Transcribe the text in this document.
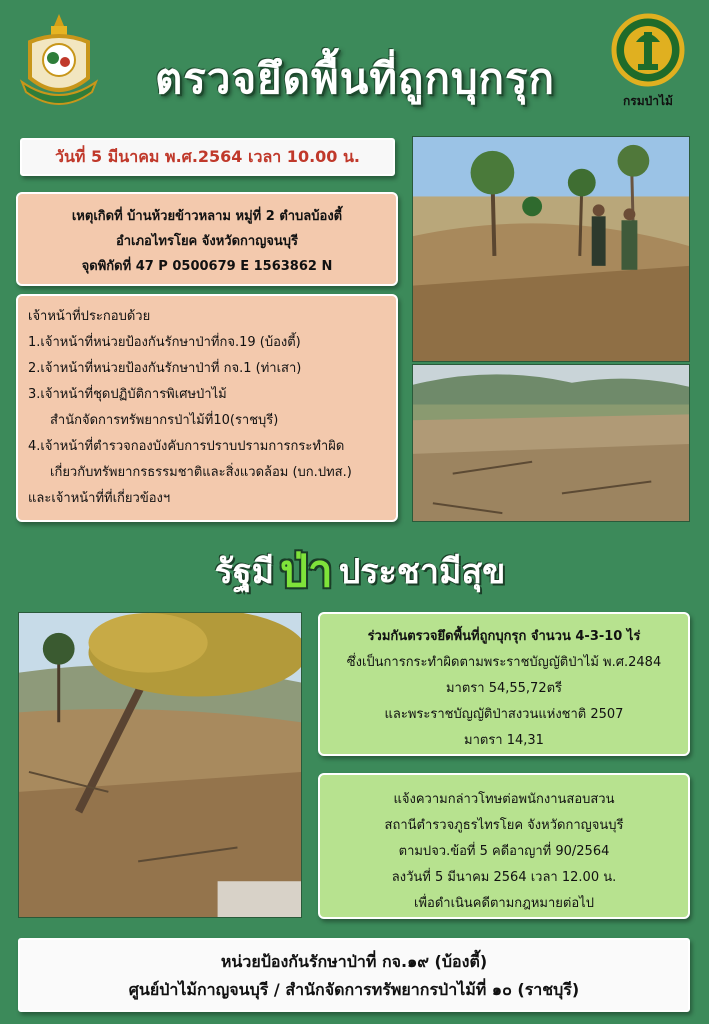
กรมป่าไม้
ตรวจยึดพื้นที่ถูกบุกรุก
วันที่ 5 มีนาคม พ.ศ.2564 เวลา 10.00 น.
เหตุเกิดที่ บ้านห้วยข้าวหลาม หมู่ที่ 2 ตำบลบ้องตี้
อำเภอไทรโยค จังหวัดกาญจนบุรี
จุดพิกัดที่ 47 P 0500679 E 1563862 N
เจ้าหน้าที่ประกอบด้วย
1.เจ้าหน้าที่หน่วยป้องกันรักษาป่าที่กจ.19 (บ้องตี้)
2.เจ้าหน้าที่หน่วยป้องกันรักษาป่าที่ กจ.1 (ท่าเสา)
3.เจ้าหน้าที่ชุดปฏิบัติการพิเศษป่าไม้
สำนักจัดการทรัพยากรป่าไม้ที่10(ราชบุรี)
4.เจ้าหน้าที่ตำรวจกองบังคับการปราบปรามการกระทำผิด
เกี่ยวกับทรัพยากรธรรมชาติและสิ่งแวดล้อม (บก.ปทส.)
และเจ้าหน้าที่ที่เกี่ยวข้องฯ
รัฐมี ป่า ประชามีสุข
ร่วมกันตรวจยึดพื้นที่ถูกบุกรุก จำนวน 4-3-10 ไร่
ซึ่งเป็นการกระทำผิดตามพระราชบัญญัติป่าไม้ พ.ศ.2484
มาตรา 54,55,72ตรี
และพระราชบัญญัติป่าสงวนแห่งชาติ 2507
มาตรา 14,31
แจ้งความกล่าวโทษต่อพนักงานสอบสวน
สถานีตำรวจภูธรไทรโยค จังหวัดกาญจนบุรี
ตามปจว.ข้อที่ 5 คดีอาญาที่ 90/2564
ลงวันที่ 5 มีนาคม 2564 เวลา 12.00 น.
เพื่อดำเนินคดีตามกฎหมายต่อไป
หน่วยป้องกันรักษาป่าที่ กจ.๑๙ (บ้องตี้)
ศูนย์ป่าไม้กาญจนบุรี / สำนักจัดการทรัพยากรป่าไม้ที่ ๑๐ (ราชบุรี)
